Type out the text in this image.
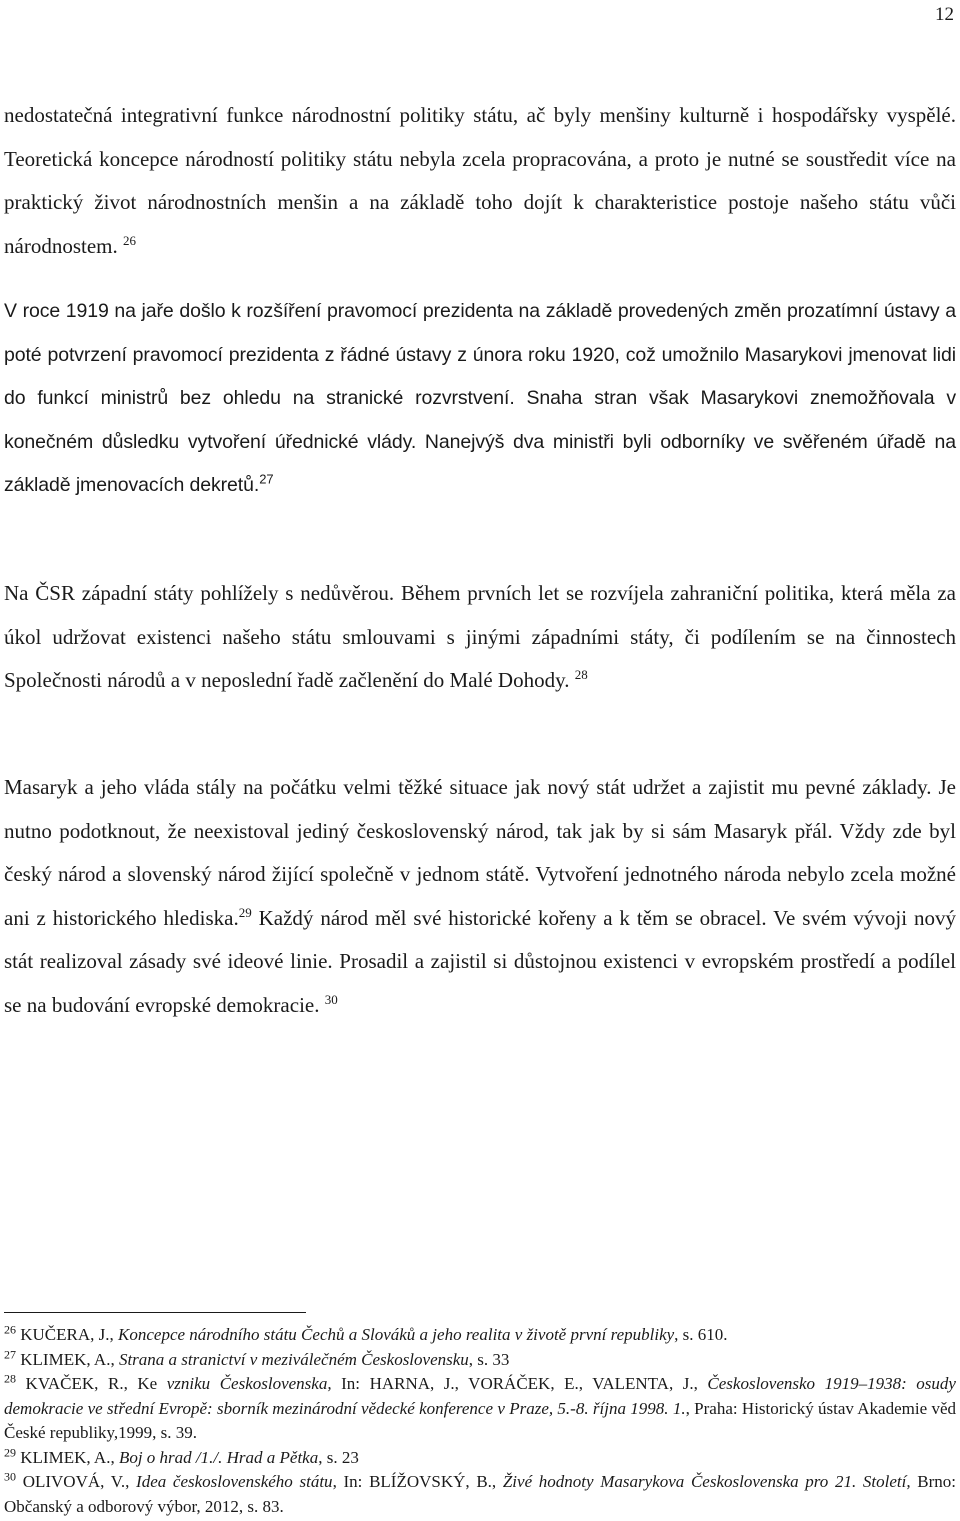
12

nedostatečná integrativní funkce národnostní politiky státu, ač byly menšiny kulturně i hospodářsky vyspělé. Teoretická koncepce národností politiky státu nebyla zcela propracována, a proto je nutné se soustředit více na praktický život národnostních menšin a na základě toho dojít k charakteristice postoje našeho státu vůči národnostem. $^{26}$

V roce 1919 na jaře došlo k rozšíření pravomocí prezidenta na základě provedených změn prozatímní ústavy a poté potvrzení pravomocí prezidenta z řádné ústavy z února roku 1920, což umožnilo Masarykovi jmenovat lidi do funkcí ministrů bez ohledu na stranické rozvrstvení. Snaha stran však Masarykovi znemožňovala v konečném důsledku vytvoření úřednické vlády. Nanejvýš dva ministři byli odborníky ve svěřeném úřadě na základě jmenovacích dekretů.$^{27}$

Na ČSR západní státy pohlížely s nedůvěrou. Během prvních let se rozvíjela zahraniční politika, která měla za úkol udržovat existenci našeho státu smlouvami s jinými západními státy, či podílením se na činnostech Společnosti národů a v neposlední řadě začlenění do Malé Dohody. $^{28}$

Masaryk a jeho vláda stály na počátku velmi těžké situace jak nový stát udržet a zajistit mu pevné základy. Je nutno podotknout, že neexistoval jediný československý národ, tak jak by si sám Masaryk přál. Vždy zde byl český národ a slovenský národ žijící společně v jednom státě. Vytvoření jednotného národa nebylo zcela možné ani z historického hlediska.$^{29}$ Každý národ měl své historické kořeny a k těm se obracel. Ve svém vývoji nový stát realizoval zásady své ideové linie. Prosadil a zajistil si důstojnou existenci v evropském prostředí a podílel se na budování evropské demokracie. $^{30}$

$^{26}$ KUČERA, J., Koncepce národního státu Čechů a Slováků a jeho realita v životě první republiky, s. 610.

$^{27}$ KLIMEK, A., Strana a stranictví v meziválečném Československu, s. 33

$^{28}$ KVAČEK, R., Ke vzniku Československa, In: HARNA, J., VORÁČEK, E., VALENTA, J., Československo 1919–1938: osudy demokracie ve střední Evropě: sborník mezinárodní vědecké konference v Praze, 5.-8. října 1998. 1., Praha: Historický ústav Akademie věd České republiky,1999, s. 39.

$^{29}$ KLIMEK, A., Boj o hrad /1./. Hrad a Pětka, s. 23

$^{30}$ OLIVOVÁ, V., Idea československého státu, In: BLÍŽOVSKÝ, B., Živé hodnoty Masarykova Československa pro 21. Století, Brno: Občanský a odborový výbor, 2012, s. 83.
